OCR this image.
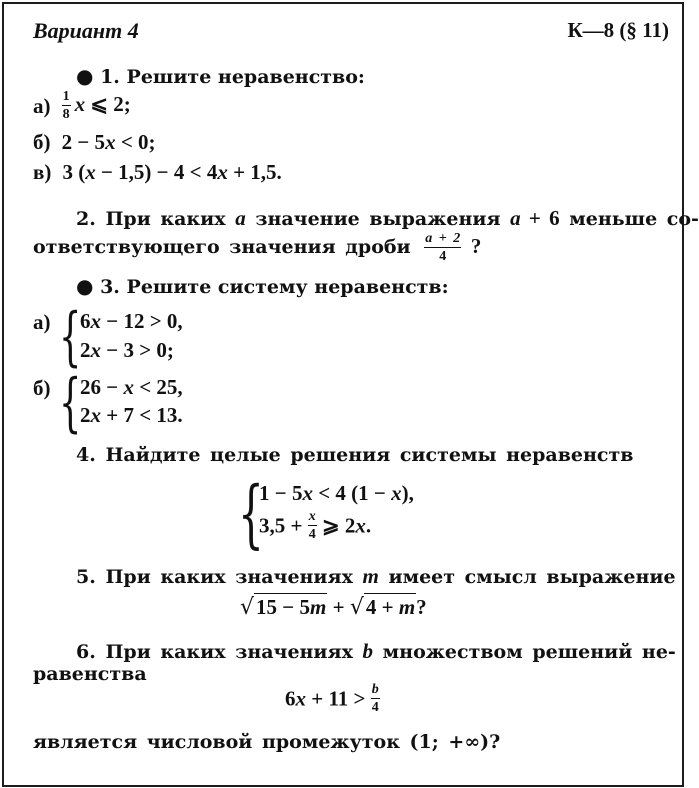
Вариант 4	К—8 (§ 11)
● 1. Решите неравенство:
$а) \frac{1}{8}$ x ⩽ 2;
б) 2 − 5x < 0;
в) 3 (x − 1,5) − 4 < 4x + 1,5.
2. При каких a значение выражения a + 6 меньше со-
ответствующего значения дроби $\frac{a + 2}{4}$ ?
● 3. Решите систему неравенств:
а) {
6x − 12 > 0,
2x − 3 > 0;
б) {
26 − x < 25,
2x + 7 < 13.
4. Найдите целые решения системы неравенств
{
1 − 5x < 4 (1 − x),
$3,5 + \frac{x}{4}$ ⩾ 2x.
5. При каких значениях m имеет смысл выражение
√15 − 5m + √4 + m?
6. При каких значениях b множеством решений не-
равенства
$6x + 11 > \frac{b}{4}$
является числовой промежуток (1; +∞)?
